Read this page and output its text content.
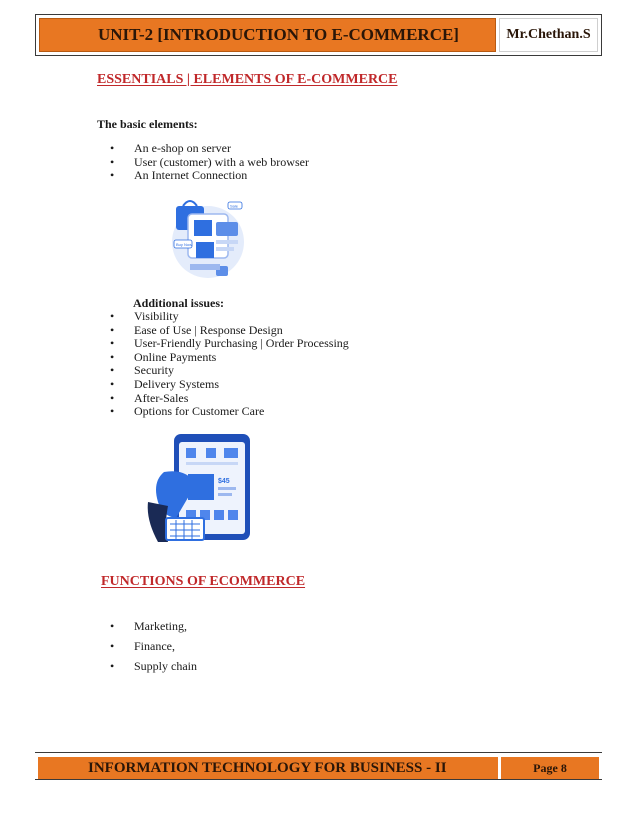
UNIT-2 [INTRODUCTION TO E-COMMERCE]	Mr.Chethan.S
ESSENTIALS | ELEMENTS OF E-COMMERCE
The basic elements:
• An e-shop on server
• User (customer) with a web browser
• An Internet Connection
Buy Now
Sale
Additional issues:
• Visibility
• Ease of Use | Response Design
• User-Friendly Purchasing | Order Processing
• Online Payments
• Security
• Delivery Systems
• After-Sales
• Options for Customer Care
$45
FUNCTIONS OF ECOMMERCE
• Marketing,
• Finance,
• Supply chain
INFORMATION TECHNOLOGY FOR BUSINESS - II	Page 8
